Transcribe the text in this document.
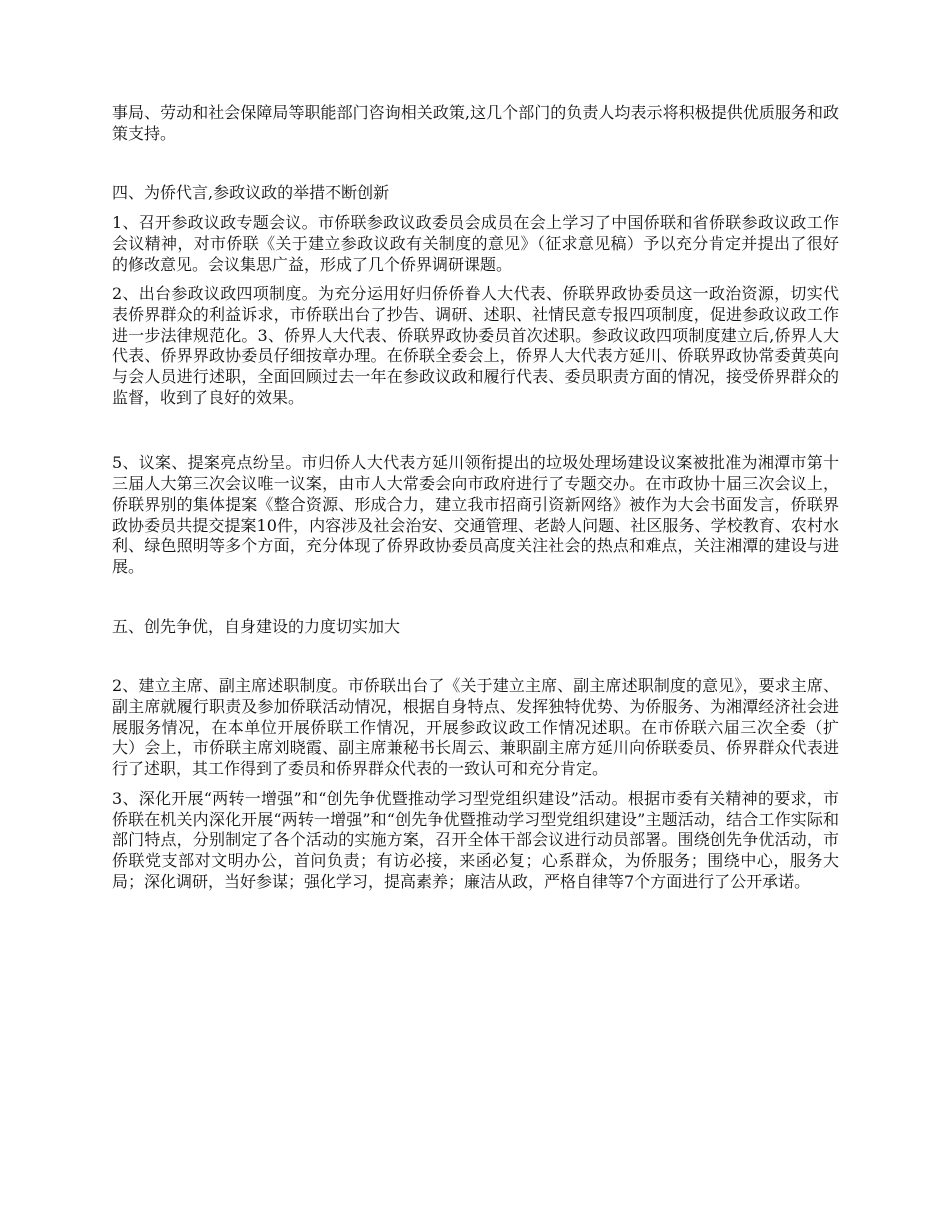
事局、劳动和社会保障局等职能部门咨询相关政策,这几个部门的负责人均表示将积极提供优质服务和政策支持。

四、为侨代言,参政议政的举措不断创新

1、召开参政议政专题会议。市侨联参政议政委员会成员在会上学习了中国侨联和省侨联参政议政工作会议精神，对市侨联《关于建立参政议政有关制度的意见》（征求意见稿）予以充分肯定并提出了很好的修改意见。会议集思广益，形成了几个侨界调研课题。

2、出台参政议政四项制度。为充分运用好归侨侨眷人大代表、侨联界政协委员这一政治资源，切实代表侨界群众的利益诉求，市侨联出台了抄告、调研、述职、社情民意专报四项制度，促进参政议政工作进一步法律规范化。3、侨界人大代表、侨联界政协委员首次述职。参政议政四项制度建立后,侨界人大代表、侨界界政协委员仔细按章办理。在侨联全委会上，侨界人大代表方延川、侨联界政协常委黄英向与会人员进行述职，全面回顾过去一年在参政议政和履行代表、委员职责方面的情况，接受侨界群众的监督，收到了良好的效果。

5、议案、提案亮点纷呈。市归侨人大代表方延川领衔提出的垃圾处理场建设议案被批准为湘潭市第十三届人大第三次会议唯一议案，由市人大常委会向市政府进行了专题交办。在市政协十届三次会议上，侨联界别的集体提案《整合资源、形成合力，建立我市招商引资新网络》被作为大会书面发言，侨联界政协委员共提交提案10件，内容涉及社会治安、交通管理、老龄人问题、社区服务、学校教育、农村水利、绿色照明等多个方面，充分体现了侨界政协委员高度关注社会的热点和难点，关注湘潭的建设与进展。

五、创先争优，自身建设的力度切实加大

2、建立主席、副主席述职制度。市侨联出台了《关于建立主席、副主席述职制度的意见》，要求主席、副主席就履行职责及参加侨联活动情况，根据自身特点、发挥独特优势、为侨服务、为湘潭经济社会进展服务情况，在本单位开展侨联工作情况，开展参政议政工作情况述职。在市侨联六届三次全委（扩大）会上，市侨联主席刘晓霞、副主席兼秘书长周云、兼职副主席方延川向侨联委员、侨界群众代表进行了述职，其工作得到了委员和侨界群众代表的一致认可和充分肯定。

3、深化开展“两转一增强”和“创先争优暨推动学习型党组织建设”活动。根据市委有关精神的要求，市侨联在机关内深化开展“两转一增强”和“创先争优暨推动学习型党组织建设”主题活动，结合工作实际和部门特点，分别制定了各个活动的实施方案，召开全体干部会议进行动员部署。围绕创先争优活动，市侨联党支部对文明办公，首问负责；有访必接，来函必复；心系群众，为侨服务；围绕中心，服务大局；深化调研，当好参谋；强化学习，提高素养；廉洁从政，严格自律等7个方面进行了公开承诺。
